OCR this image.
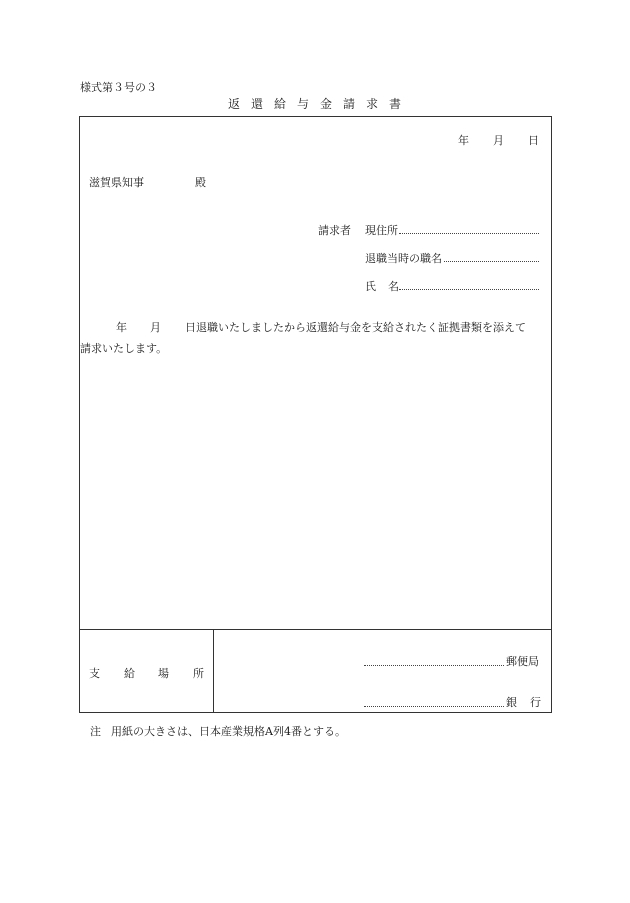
様式第３号の３
返 還 給 与 金 請 求 書
年 月 日
滋賀県知事	殿
請求者 現住所
退職当時の職名
氏 名
年 月 日退職いたしましたから返還給与金を支給されたく証拠書類を添えて
請求いたします。
支 給 場 所
郵便局
銀 行
注 用紙の大きさは、日本産業規格A列4番とする。
